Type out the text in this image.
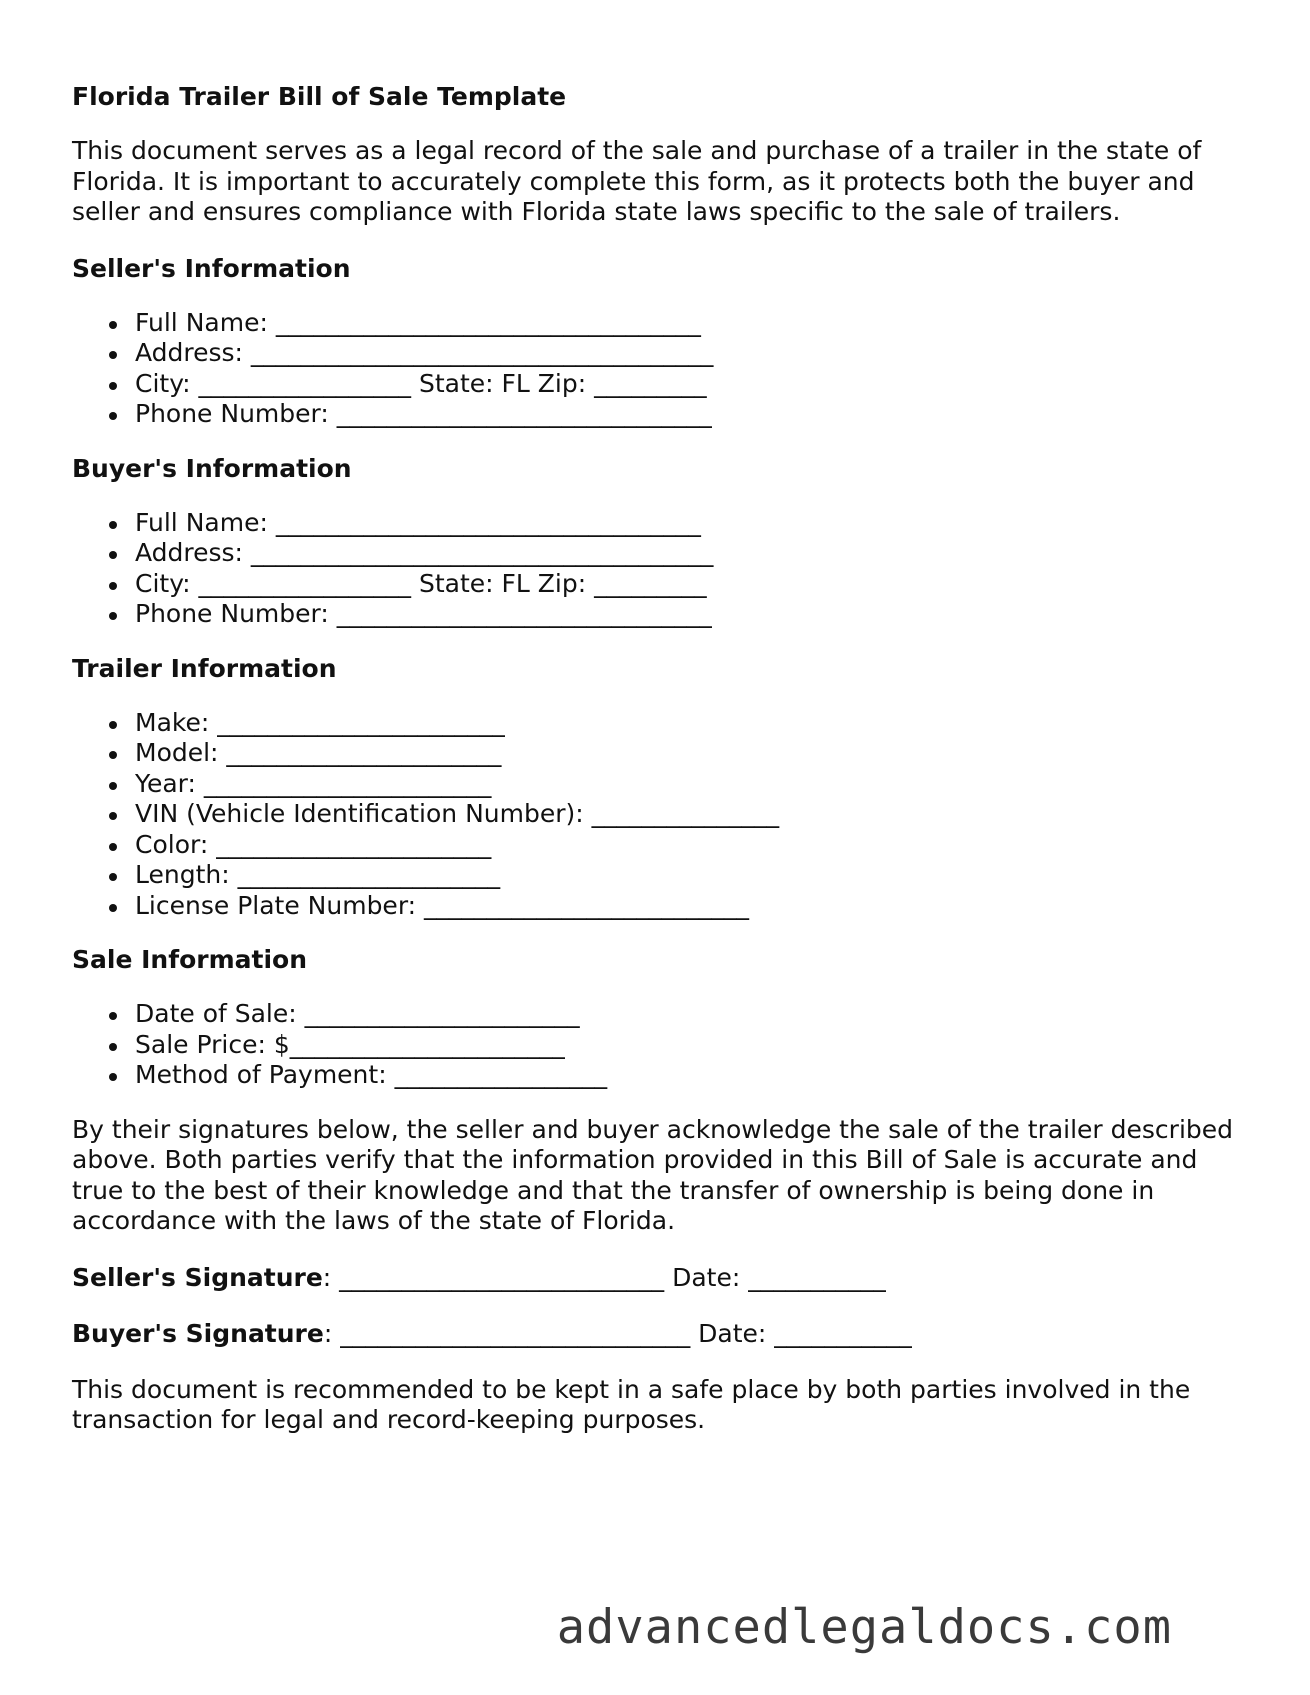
Florida Trailer Bill of Sale Template

This document serves as a legal record of the sale and purchase of a trailer in the state of Florida. It is important to accurately complete this form, as it protects both the buyer and seller and ensures compliance with Florida state laws specific to the sale of trailers.

Seller's Information
Full Name: __________________________________
Address: _____________________________________
City: _________________ State: FL Zip: _________
Phone Number: ______________________________
Buyer's Information
Full Name: __________________________________
Address: _____________________________________
City: _________________ State: FL Zip: _________
Phone Number: ______________________________
Trailer Information
Make: _______________________
Model: ______________________
Year: _______________________
VIN (Vehicle Identification Number): _______________
Color: ______________________
Length: _____________________
License Plate Number: __________________________
Sale Information
Date of Sale: ______________________
Sale Price: $______________________
Method of Payment: _________________

By their signatures below, the seller and buyer acknowledge the sale of the trailer described above. Both parties verify that the information provided in this Bill of Sale is accurate and true to the best of their knowledge and that the transfer of ownership is being done in accordance with the laws of the state of Florida.

Seller's Signature: __________________________ Date: ___________
Buyer's Signature: ____________________________ Date: ___________

This document is recommended to be kept in a safe place by both parties involved in the transaction for legal and record-keeping purposes.

advancedlegaldocs.com
